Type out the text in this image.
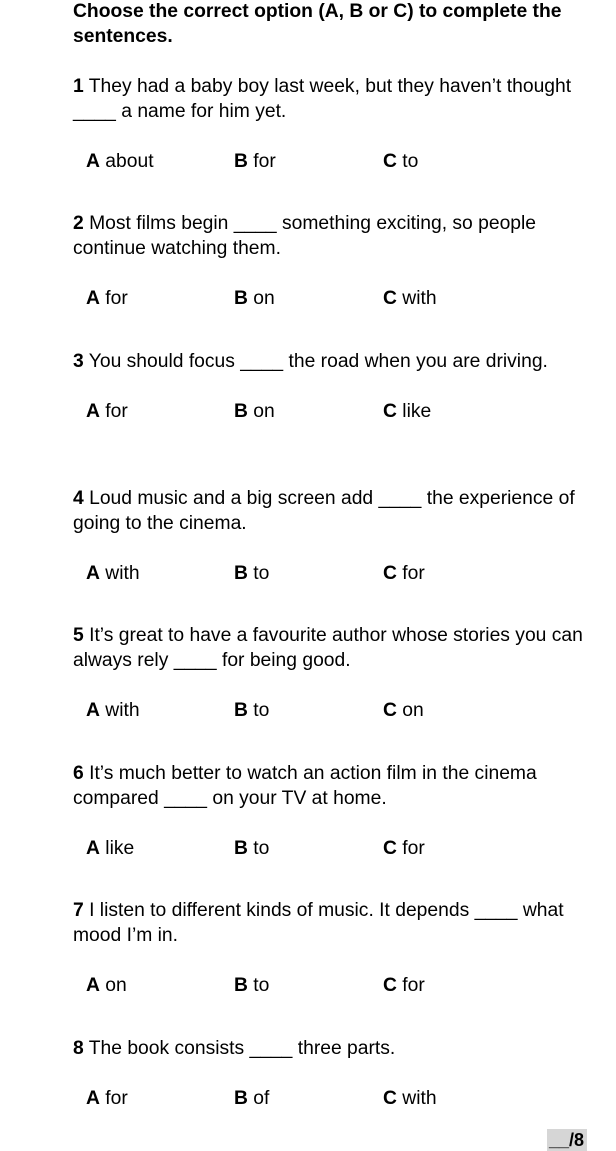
Choose the correct option (A, B or C) to complete the sentences.
1 They had a baby boy last week, but they haven’t thought ____ a name for him yet.
A about	B for	C to
2 Most films begin ____ something exciting, so people continue watching them.
A for	B on	C with
3 You should focus ____ the road when you are driving.
A for	B on	C like
4 Loud music and a big screen add ____ the experience of going to the cinema.
A with	B to	C for
5 It’s great to have a favourite author whose stories you can always rely ____ for being good.
A with	B to	C on
6 It’s much better to watch an action film in the cinema compared ____ on your TV at home.
A like	B to	C for
7 I listen to different kinds of music. It depends ____ what mood I’m in.
A on	B to	C for
8 The book consists ____ three parts.
A for	B of	C with
__/8
